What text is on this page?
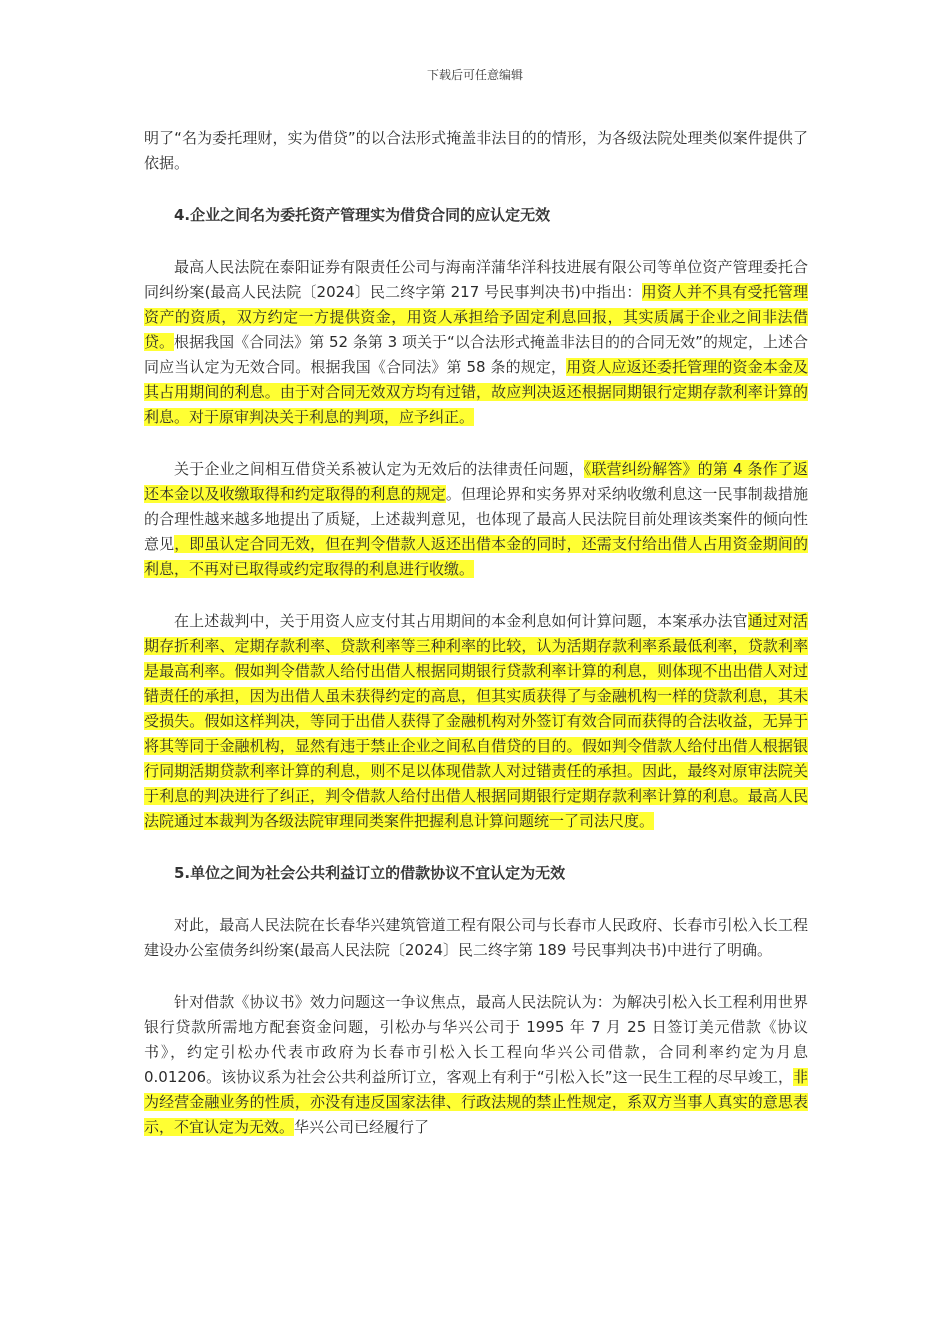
下载后可任意编辑

明了“名为委托理财，实为借贷”的以合法形式掩盖非法目的的情形，为各级法院处理类似案件提供了依据。

4.企业之间名为委托资产管理实为借贷合同的应认定无效

最高人民法院在泰阳证券有限责任公司与海南洋蒲华洋科技进展有限公司等单位资产管理委托合同纠纷案(最高人民法院〔2024〕民二终字第 217 号民事判决书)中指出：用资人并不具有受托管理资产的资质，双方约定一方提供资金，用资人承担给予固定利息回报，其实质属于企业之间非法借贷。根据我国《合同法》第 52 条第 3 项关于“以合法形式掩盖非法目的的合同无效”的规定，上述合同应当认定为无效合同。根据我国《合同法》第 58 条的规定，用资人应返还委托管理的资金本金及其占用期间的利息。由于对合同无效双方均有过错，故应判决返还根据同期银行定期存款利率计算的利息。对于原审判决关于利息的判项，应予纠正。

关于企业之间相互借贷关系被认定为无效后的法律责任问题，《联营纠纷解答》的第 4 条作了返还本金以及收缴取得和约定取得的利息的规定。但理论界和实务界对采纳收缴利息这一民事制裁措施的合理性越来越多地提出了质疑，上述裁判意见，也体现了最高人民法院目前处理该类案件的倾向性意见，即虽认定合同无效，但在判令借款人返还出借本金的同时，还需支付给出借人占用资金期间的利息，不再对已取得或约定取得的利息进行收缴。

在上述裁判中，关于用资人应支付其占用期间的本金利息如何计算问题，本案承办法官通过对活期存折利率、定期存款利率、贷款利率等三种利率的比较，认为活期存款利率系最低利率，贷款利率是最高利率。假如判令借款人给付出借人根据同期银行贷款利率计算的利息，则体现不出出借人对过错责任的承担，因为出借人虽未获得约定的高息，但其实质获得了与金融机构一样的贷款利息，其未受损失。假如这样判决，等同于出借人获得了金融机构对外签订有效合同而获得的合法收益，无异于将其等同于金融机构，显然有违于禁止企业之间私自借贷的目的。假如判令借款人给付出借人根据银行同期活期贷款利率计算的利息，则不足以体现借款人对过错责任的承担。因此，最终对原审法院关于利息的判决进行了纠正，判令借款人给付出借人根据同期银行定期存款利率计算的利息。最高人民法院通过本裁判为各级法院审理同类案件把握利息计算问题统一了司法尺度。

5.单位之间为社会公共利益订立的借款协议不宜认定为无效

对此，最高人民法院在长春华兴建筑管道工程有限公司与长春市人民政府、长春市引松入长工程建设办公室债务纠纷案(最高人民法院〔2024〕民二终字第 189 号民事判决书)中进行了明确。

针对借款《协议书》效力问题这一争议焦点，最高人民法院认为：为解决引松入长工程利用世界银行贷款所需地方配套资金问题，引松办与华兴公司于 1995 年 7 月 25 日签订美元借款《协议书》，约定引松办代表市政府为长春市引松入长工程向华兴公司借款，合同利率约定为月息 0.01206。该协议系为社会公共利益所订立，客观上有利于“引松入长”这一民生工程的尽早竣工，非为经营金融业务的性质，亦没有违反国家法律、行政法规的禁止性规定，系双方当事人真实的意思表示，不宜认定为无效。华兴公司已经履行了
